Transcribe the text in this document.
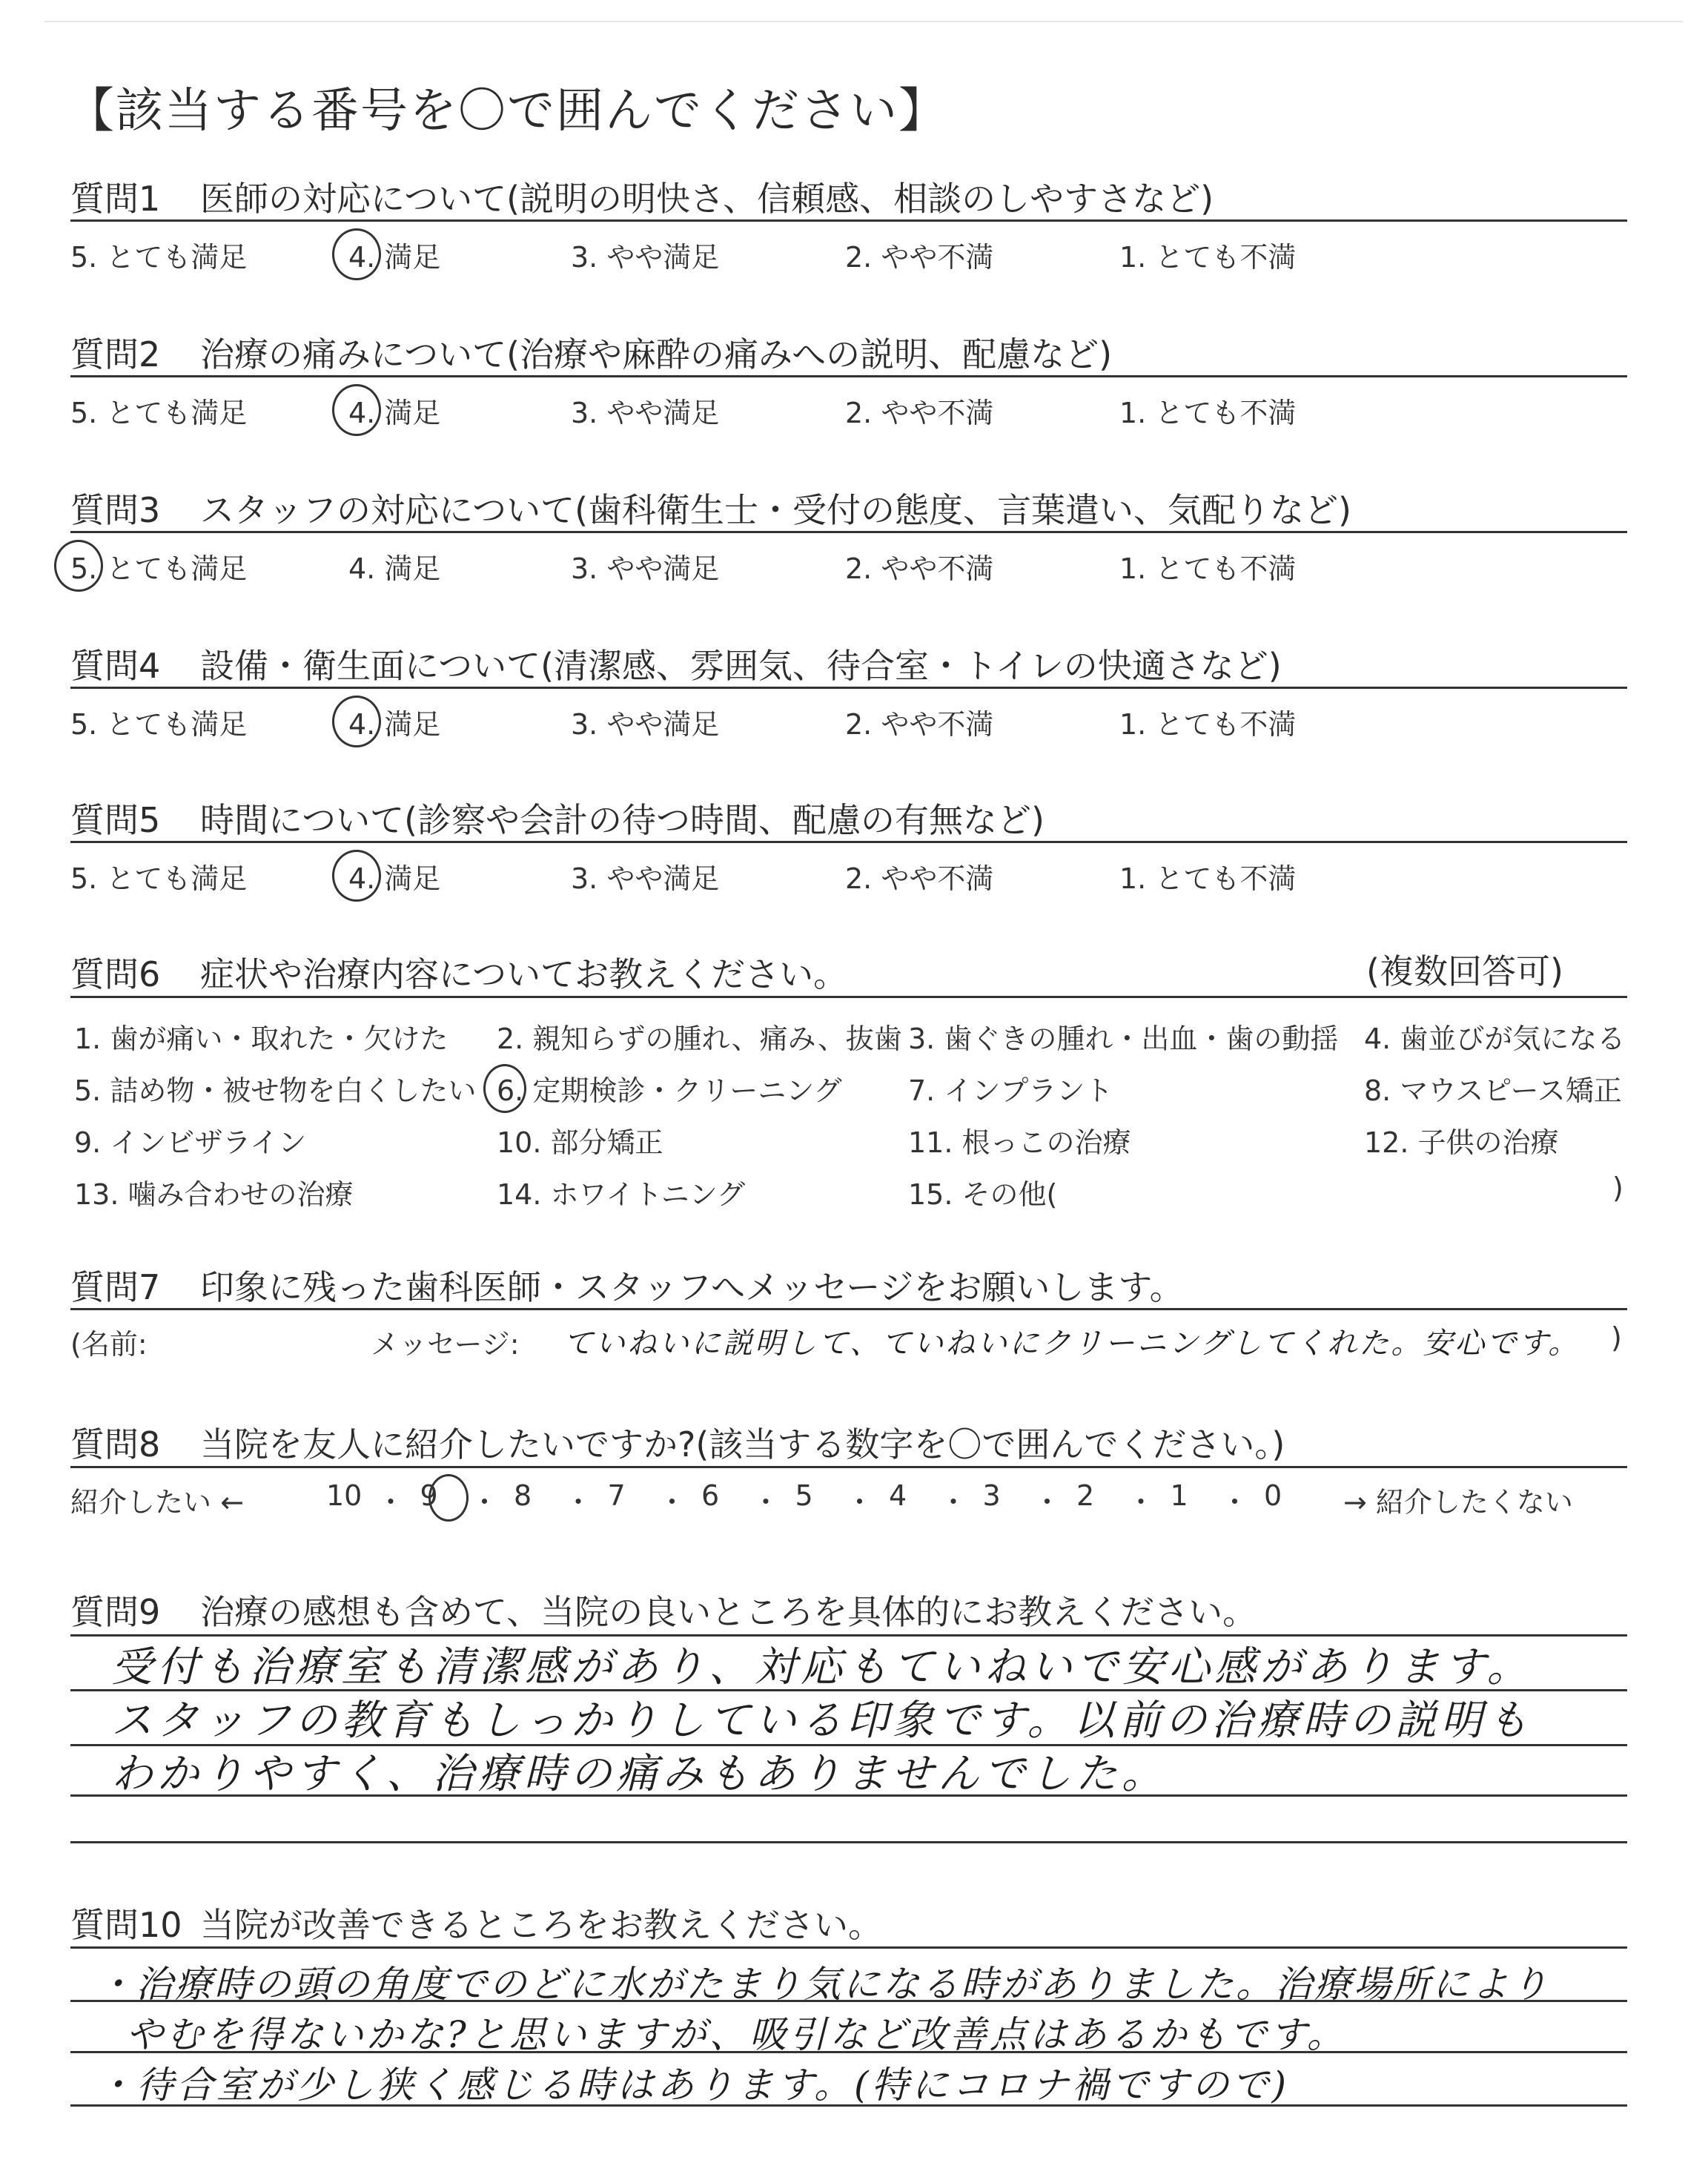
【該当する番号を〇で囲んでください】
質問1 医師の対応について(説明の明快さ、信頼感、相談のしやすさなど)
5. とても満足	4. 満足	3. やや満足	2. やや不満	1. とても不満
質問2 治療の痛みについて(治療や麻酔の痛みへの説明、配慮など)
5. とても満足	4. 満足	3. やや満足	2. やや不満	1. とても不満
質問3 スタッフの対応について(歯科衛生士・受付の態度、言葉遣い、気配りなど)
5. とても満足	4. 満足	3. やや満足	2. やや不満	1. とても不満
質問4 設備・衛生面について(清潔感、雰囲気、待合室・トイレの快適さなど)
5. とても満足	4. 満足	3. やや満足	2. やや不満	1. とても不満
質問5 時間について(診察や会計の待つ時間、配慮の有無など)
5. とても満足	4. 満足	3. やや満足	2. やや不満	1. とても不満
質問6 症状や治療内容についてお教えください。	(複数回答可)
1. 歯が痛い・取れた・欠けた 2. 親知らずの腫れ、痛み、抜歯 3. 歯ぐきの腫れ・出血・歯の動揺 4. 歯並びが気になる
5. 詰め物・被せ物を白くしたい 6. 定期検診・クリーニング 7. インプラント	8. マウスピース矯正
9. インビザライン	10. 部分矯正	11. 根っこの治療	12. 子供の治療
13. 噛み合わせの治療	14. ホワイトニング	15. その他(	)
質問7 印象に残った歯科医師・スタッフへメッセージをお願いします。
(名前:	メッセージ: ていねいに説明して、ていねいにクリーニングしてくれた。安心です。 )
質問8 当院を友人に紹介したいですか?(該当する数字を〇で囲んでください。)
紹介したい ←	10 ・ 9 ・ 8 ・ 7 ・ 6 ・ 5 ・ 4 ・ 3 ・ 2 ・ 1 ・ 0 → 紹介したくない
質問9 治療の感想も含めて、当院の良いところを具体的にお教えください。
受付も治療室も清潔感があり、対応もていねいで安心感があります。
スタッフの教育もしっかりしている印象です。以前の治療時の説明も
わかりやすく、治療時の痛みもありませんでした。
質問10 当院が改善できるところをお教えください。
・治療時の頭の角度でのどに水がたまり気になる時がありました。治療場所により
やむを得ないかな?と思いますが、吸引など改善点はあるかもです。
・待合室が少し狭く感じる時はあります。(特にコロナ禍ですので)
